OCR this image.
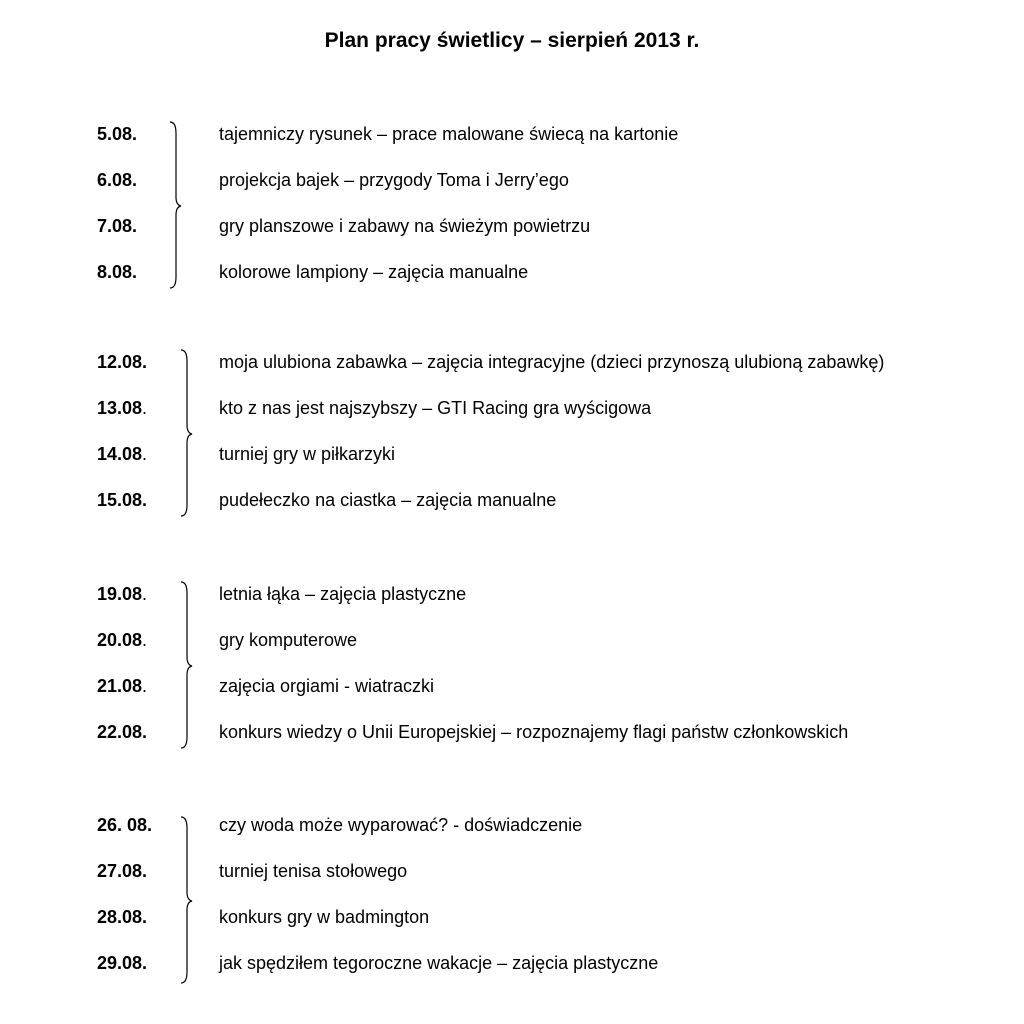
Plan pracy świetlicy – sierpień 2013 r.
5.08.	tajemniczy rysunek – prace malowane świecą na kartonie
6.08.	projekcja bajek – przygody Toma i Jerry’ego
7.08.	gry planszowe i zabawy na świeżym powietrzu
8.08.	kolorowe lampiony – zajęcia manualne
12.08.	moja ulubiona zabawka – zajęcia integracyjne (dzieci przynoszą ulubioną zabawkę)
13.08.	kto z nas jest najszybszy – GTI Racing gra wyścigowa
14.08.	turniej gry w piłkarzyki
15.08.	pudełeczko na ciastka – zajęcia manualne
19.08.	letnia łąka – zajęcia plastyczne
20.08.	gry komputerowe
21.08.	zajęcia orgiami - wiatraczki
22.08.	konkurs wiedzy o Unii Europejskiej – rozpoznajemy flagi państw członkowskich
26. 08.	czy woda może wyparować? - doświadczenie
27.08.	turniej tenisa stołowego
28.08.	konkurs gry w badmington
29.08.	jak spędziłem tegoroczne wakacje – zajęcia plastyczne
